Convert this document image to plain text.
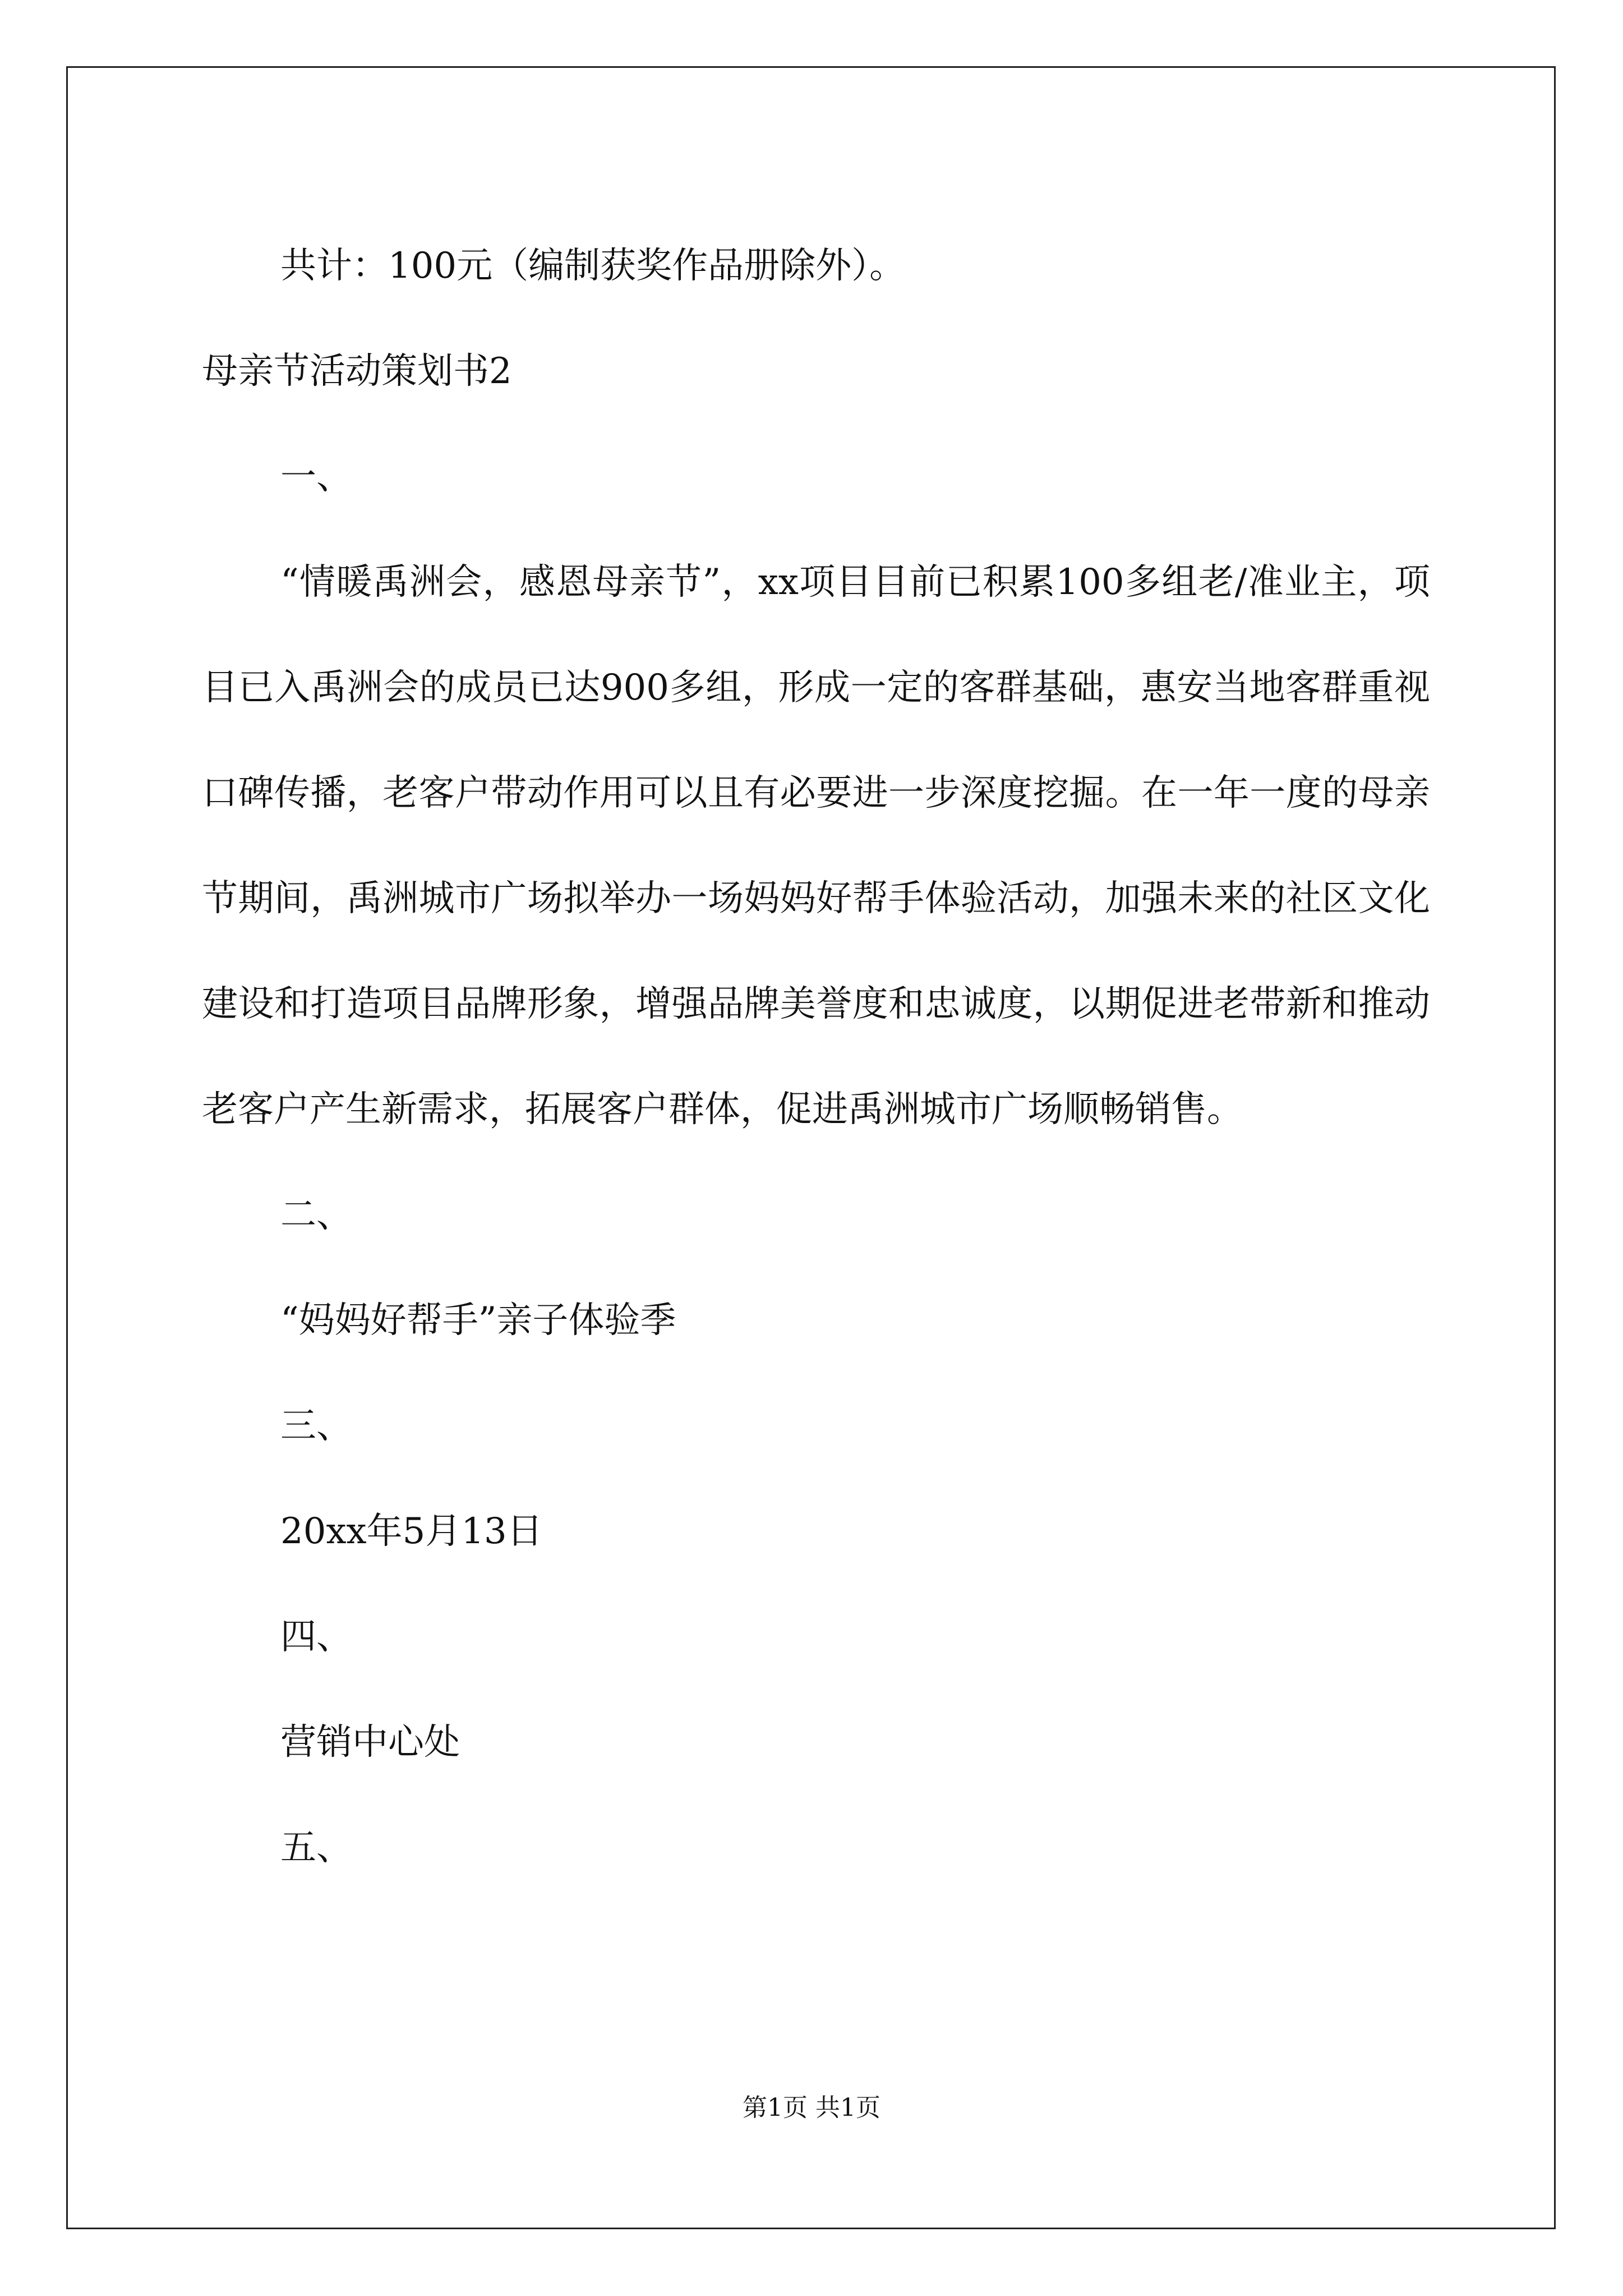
共计：100元（编制获奖作品册除外）。
母亲节活动策划书2
一、

“情暖禹洲会，感恩母亲节”，xx项目目前已积累100多组老/准业主，项目已入禹洲会的成员已达900多组，形成一定的客群基础，惠安当地客群重视口碑传播，老客户带动作用可以且有必要进一步深度挖掘。在一年一度的母亲节期间，禹洲城市广场拟举办一场妈妈好帮手体验活动，加强未来的社区文化建设和打造项目品牌形象，增强品牌美誉度和忠诚度，以期促进老带新和推动老客户产生新需求，拓展客户群体，促进禹洲城市广场顺畅销售。

二、
“妈妈好帮手”亲子体验季
三、
20xx年5月13日
四、
营销中心处
五、
第1页 共1页
